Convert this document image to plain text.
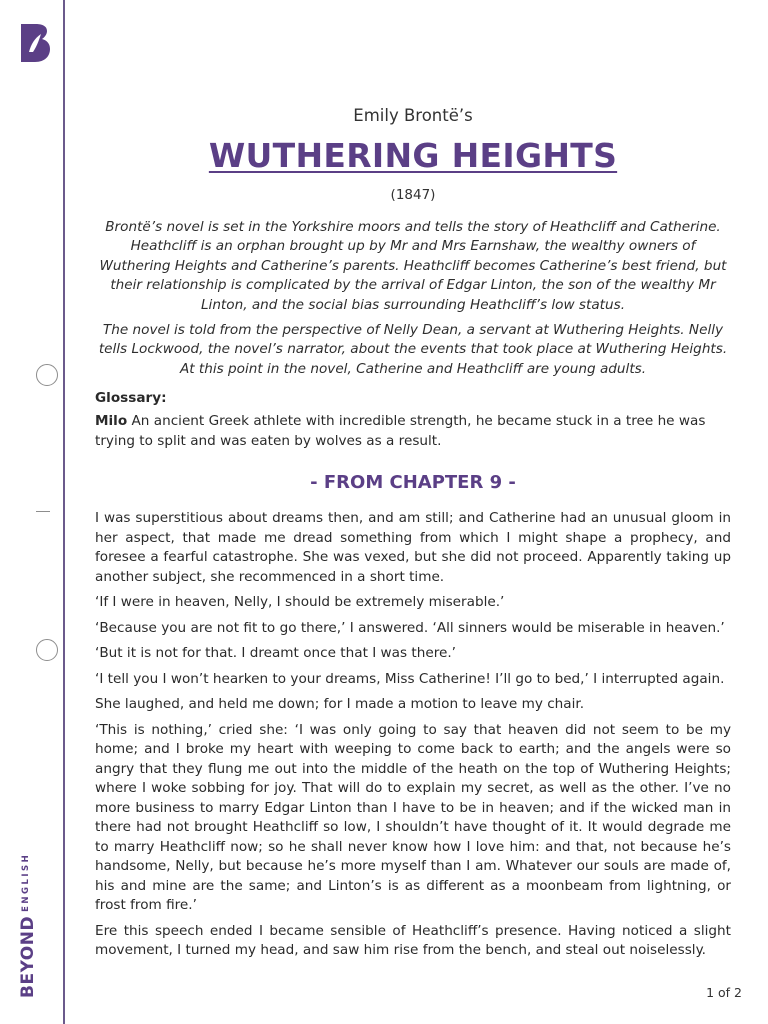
$BEYOND^{ENGLISH}$

Emily Brontë’s

WUTHERING HEIGHTS

(1847)

Brontë’s novel is set in the Yorkshire moors and tells the story of Heathcliff and Catherine. Heathcliff is an orphan brought up by Mr and Mrs Earnshaw, the wealthy owners of Wuthering Heights and Catherine’s parents. Heathcliff becomes Catherine’s best friend, but their relationship is complicated by the arrival of Edgar Linton, the son of the wealthy Mr Linton, and the social bias surrounding Heathcliff’s low status.

The novel is told from the perspective of Nelly Dean, a servant at Wuthering Heights. Nelly tells Lockwood, the novel’s narrator, about the events that took place at Wuthering Heights. At this point in the novel, Catherine and Heathcliff are young adults.

Glossary:

Milo An ancient Greek athlete with incredible strength, he became stuck in a tree he was trying to split and was eaten by wolves as a result.

- FROM CHAPTER 9 -

I was superstitious about dreams then, and am still; and Catherine had an unusual gloom in her aspect, that made me dread something from which I might shape a prophecy, and foresee a fearful catastrophe. She was vexed, but she did not proceed. Apparently taking up another subject, she recommenced in a short time.

‘If I were in heaven, Nelly, I should be extremely miserable.’

‘Because you are not fit to go there,’ I answered. ‘All sinners would be miserable in heaven.’

‘But it is not for that. I dreamt once that I was there.’

‘I tell you I won’t hearken to your dreams, Miss Catherine! I’ll go to bed,’ I interrupted again.

She laughed, and held me down; for I made a motion to leave my chair.

‘This is nothing,’ cried she: ‘I was only going to say that heaven did not seem to be my home; and I broke my heart with weeping to come back to earth; and the angels were so angry that they flung me out into the middle of the heath on the top of Wuthering Heights; where I woke sobbing for joy. That will do to explain my secret, as well as the other. I’ve no more business to marry Edgar Linton than I have to be in heaven; and if the wicked man in there had not brought Heathcliff so low, I shouldn’t have thought of it. It would degrade me to marry Heathcliff now; so he shall never know how I love him: and that, not because he’s handsome, Nelly, but because he’s more myself than I am. Whatever our souls are made of, his and mine are the same; and Linton’s is as different as a moonbeam from lightning, or frost from fire.’

Ere this speech ended I became sensible of Heathcliff’s presence. Having noticed a slight movement, I turned my head, and saw him rise from the bench, and steal out noiselessly.

1 of 2
